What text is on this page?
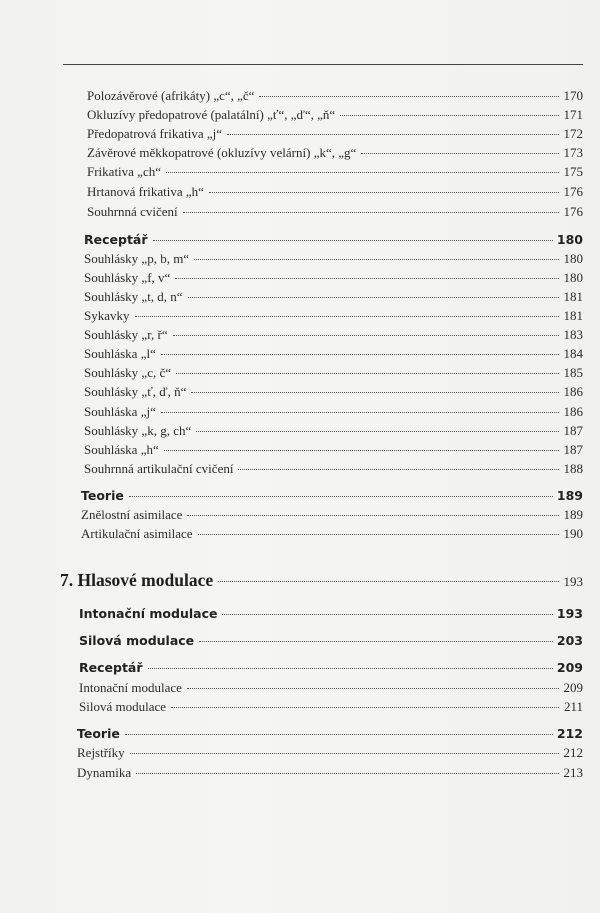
Polozávěrové (afrikáty) „c“, „č“	170
Okluzívy předopatrové (palatální) „ť“, „ď“, „ň“	171
Předopatrová frikativa „j“	172
Závěrové měkkopatrové (okluzívy velární) „k“, „g“	173
Frikativa „ch“	175
Hrtanová frikativa „h“	176
Souhrnná cvičení	176
Receptář	180
Souhlásky „p, b, m“	180
Souhlásky „f, v“	180
Souhlásky „t, d, n“	181
Sykavky	181
Souhlásky „r, ř“	183
Souhláska „l“	184
Souhlásky „c, č“	185
Souhlásky „ť, ď, ň“	186
Souhláska „j“	186
Souhlásky „k, g, ch“	187
Souhláska „h“	187
Souhrnná artikulační cvičení	188
Teorie	189
Znělostní asimilace	189
Artikulační asimilace	190
7. Hlasové modulace	193
Intonační modulace	193
Silová modulace	203
Receptář	209
Intonační modulace	209
Silová modulace	211
Teorie	212
Rejstříky	212
Dynamika	213
